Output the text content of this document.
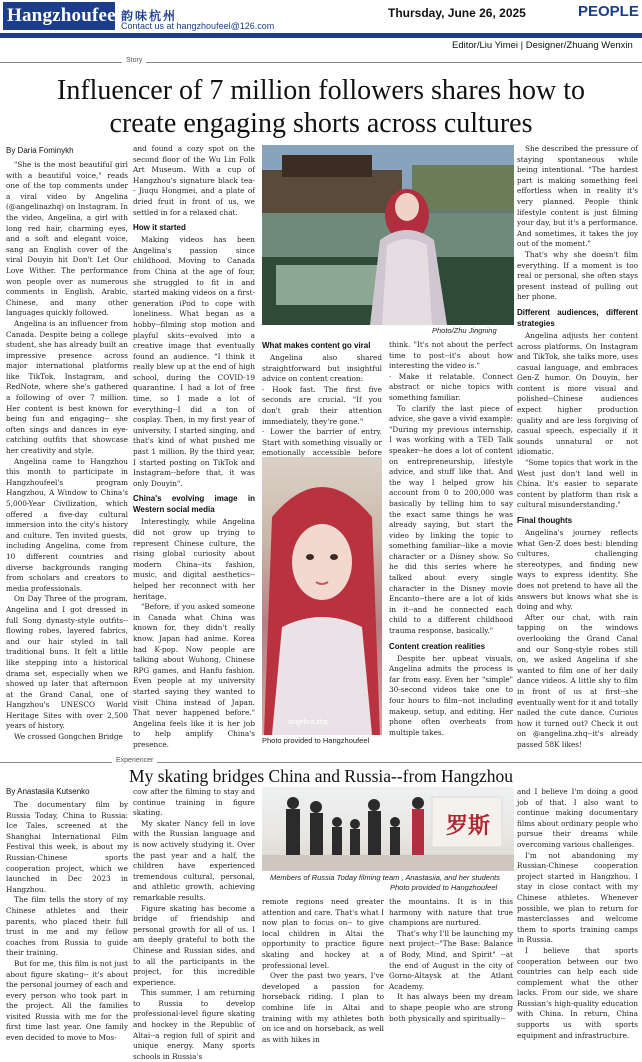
Hangzhoufeel 韵味杭州
Contact us at hangzhoufeel@126.com
Thursday, June 26, 2025	PEOPLE
Editor/Liu Yimei | Designer/Zhuang Wenxin
Story
Influencer of 7 million followers shares how to
create engaging shorts across cultures
By Daria Fominykh

"She is the most beautiful girl with a beautiful voice," reads one of the top comments under a viral video by Angelina (@angelinazhq) on Instagram. In the video, Angelina, a girl with long red hair, charming eyes, and a soft and elegant voice, sang an English cover of the viral Douyin hit Don't Let Our Love Wither. The performance won people over as numerous comments in English, Arabic, Chinese, and many other languages quickly followed.

Angelina is an influencer from Canada. Despite being a college student, she has already built an impressive presence across major international platforms like TikTok, Instagram, and RedNote, where she's gathered a following of over 7 million. Her content is best known for being fun and engaging-- she often sings and dances in eye-catching outfits that showcase her creativity and style.

Angelina came to Hangzhou this month to participate in Hangzhoufeel's program Hangzhou, A Window to China's 5,000-Year Civilization, which offered a five-day cultural immersion into the city's history and culture. Ten invited guests, including Angelina, come from 10 different countries and diverse backgrounds ranging from scholars and creators to media professionals.

On Day Three of the program, Angelina and I got dressed in full Song dynasty-style outfits--flowing robes, layered fabrics, and our hair styled in tall traditional buns. It felt a little like stepping into a historical drama set, especially when we showed up later that afternoon at the Grand Canal, one of Hangzhou's UNESCO World Heritage Sites with over 2,500 years of history.

We crossed Gongchen Bridge

and found a cozy spot on the second floor of the Wu Lin Folk Art Museum. With a cup of Hangzhou's signature black tea-- Jiuqu Hongmei, and a plate of dried fruit in front of us, we settled in for a relaxed chat.

How it started

Making videos has been Angelina's passion since childhood. Moving to Canada from China at the age of four, she struggled to fit in and started making videos on a first-generation iPod to cope with loneliness. What began as a hobby--filming stop motion and playful skits--evolved into a creative image that eventually found an audience. "I think it really blew up at the end of high school, during the COVID-19 quarantine. I had a lot of free time, so I made a lot of everything--I did a ton of cosplay. Then, in my first year of university, I started singing, and that's kind of what pushed me past 1 million. By the third year, I started posting on TikTok and Instagram--before that, it was only Douyin".

China's evolving image in Western social media

Interestingly, while Angelina did not grow up trying to represent Chinese culture, the rising global curiosity about modern China--its fashion, music, and digital aesthetics--helped her reconnect with her heritage.

"Before, if you asked someone in Canada what China was known for, they didn't really know. Japan had anime. Korea had K-pop. Now people are talking about Wuhong, Chinese RPG games, and Hanfu fashion. Even people at my university started saying they wanted to visit China instead of Japan. That never happened before." Angelina feels like it is her job to help amplify China's presence.

Photo/Zhu Jingning
What makes content go viral

Angelina also shared straightforward but insightful advice on content creation:

· Hook fast. The first five seconds are crucial. "If you don't grab their attention immediately, they're gone."

· Lower the barrier of entry. Start with something visually or emotionally accessible before

angelina.zhq
Photo provided to Hangzhoufeel

think. "It's not about the perfect time to post--it's about how interesting the video is."

· Make it relatable. Connect abstract or niche topics with something familiar.

To clarify the last piece of advice, she gave a vivid example: "During my previous internship, I was working with a TED Talk speaker--he does a lot of content on entrepreneurship, lifestyle advice, and stuff like that. And the way I helped grow his account from 0 to 200,000 was basically by telling him to say the exact same things he was already saying, but start the video by linking the topic to something familiar--like a movie character or a Disney show. So he did this series where he talked about every single character in the Disney movie Encanto--there are a lot of kids in it--and he connected each child to a different childhood trauma response, basically."

Content creation realities

Despite her upbeat visuals, Angelina admits the process is far from easy. Even her "simple" 30-second videos take one to four hours to film--not including makeup, setup, and editing. Her phone often overheats from multiple takes.

She described the pressure of staying spontaneous while being intentional. "The hardest part is making something feel effortless when in reality it's very planned. People think lifestyle content is just filming your day, but it's a performance. And sometimes, it takes the joy out of the moment."

That's why she doesn't film everything. If a moment is too real or personal, she often stays present instead of pulling out her phone.

Different audiences, different strategies

Angelina adjusts her content across platforms. On Instagram and TikTok, she talks more, uses casual language, and embraces Gen-Z humor. On Douyin, her content is more visual and polished--Chinese audiences expect higher production quality and are less forgiving of casual speech, especially if it sounds unnatural or not idiomatic.

"Some topics that work in the West just don't land well in China. It's easier to separate content by platform than risk a cultural misunderstanding."

Final thoughts

Angelina's journey reflects what Gen-Z does best: blending cultures, challenging stereotypes, and finding new ways to express identity. She does not pretend to have all the answers but knows what she is doing and why.

After our chat, with rain tapping on the windows overlooking the Grand Canal and our Song-style robes still on, we asked Angelina if she wanted to film one of her daily dance videos. A little shy to film in front of us at first--she eventually went for it and totally nailed the cute dance. Curious how it turned out? Check it out on @angelina.zhq--it's already passed 58K likes!

Experiencer
My skating bridges China and Russia--from Hangzhou
By Anastasiia Kutsenko

The documentary film by Russia Today, China to Russia: Ice Tales, screened at the Shanghai International Film Festival this week, is about my Russian-Chinese sports cooperation project, which we launched in Dec 2023 in Hangzhou.

The film tells the story of my Chinese athletes and their parents, who placed their full trust in me and my fellow coaches from Russia to guide their training.

But for me, this film is not just about figure skating-- it's about the personal journey of each and every person who took part in the project. All the families visited Russia with me for the first time last year. One family even decided to move to Mos-

cow after the filming to stay and continue training in figure skating.

My skater Nancy fell in love with the Russian language and is now actively studying it. Over the past year and a half, the children have experienced tremendous cultural, personal, and athletic growth, achieving remarkable results.

Figure skating has become a bridge of friendship and personal growth for all of us. I am deeply grateful to both the Chinese and Russian sides, and to all the participants in the project, for this incredible experience.

This summer, I am returning to Russia to develop professional-level figure skating and hockey in the Republic of Altai--a region full of spirit and unique energy. Many sports schools in Russia's

罗斯
Members of Russia Today filming team , Anastasiia, and her students
Photo provided to Hangzhoufeel

remote regions need greater attention and care. That's what I now plan to focus on-- to give local children in Altai the opportunity to practice figure skating and hockey at a professional level.

Over the past two years, I've developed a passion for horseback riding. I plan to combine life in Altai and training with my athletes both on ice and on horseback, as well as with hikes in

the mountains. It is in this harmony with nature that true champions are nurtured.

That's why I'll be launching my next project--"The Base: Balance of Body, Mind, and Spirit" --at the end of August in the city of Gorno-Altaysk at the Atlant Academy.

It has always been my dream to shape people who are strong both physically and spiritually--

and I believe I'm doing a good job of that. I also want to continue making documentary films about ordinary people who pursue their dreams while overcoming various challenges.

I'm not abandoning my Russian-Chinese cooperation project started in Hangzhou. I stay in close contact with my Chinese athletes. Whenever possible, we plan to return for masterclasses and welcome them to sports training camps in Russia.

I believe that sports cooperation between our two countries can help each side complement what the other lacks. From our side, we share Russian's high-quality education with China. In return, China supports us with sports equipment and infrastructure.
